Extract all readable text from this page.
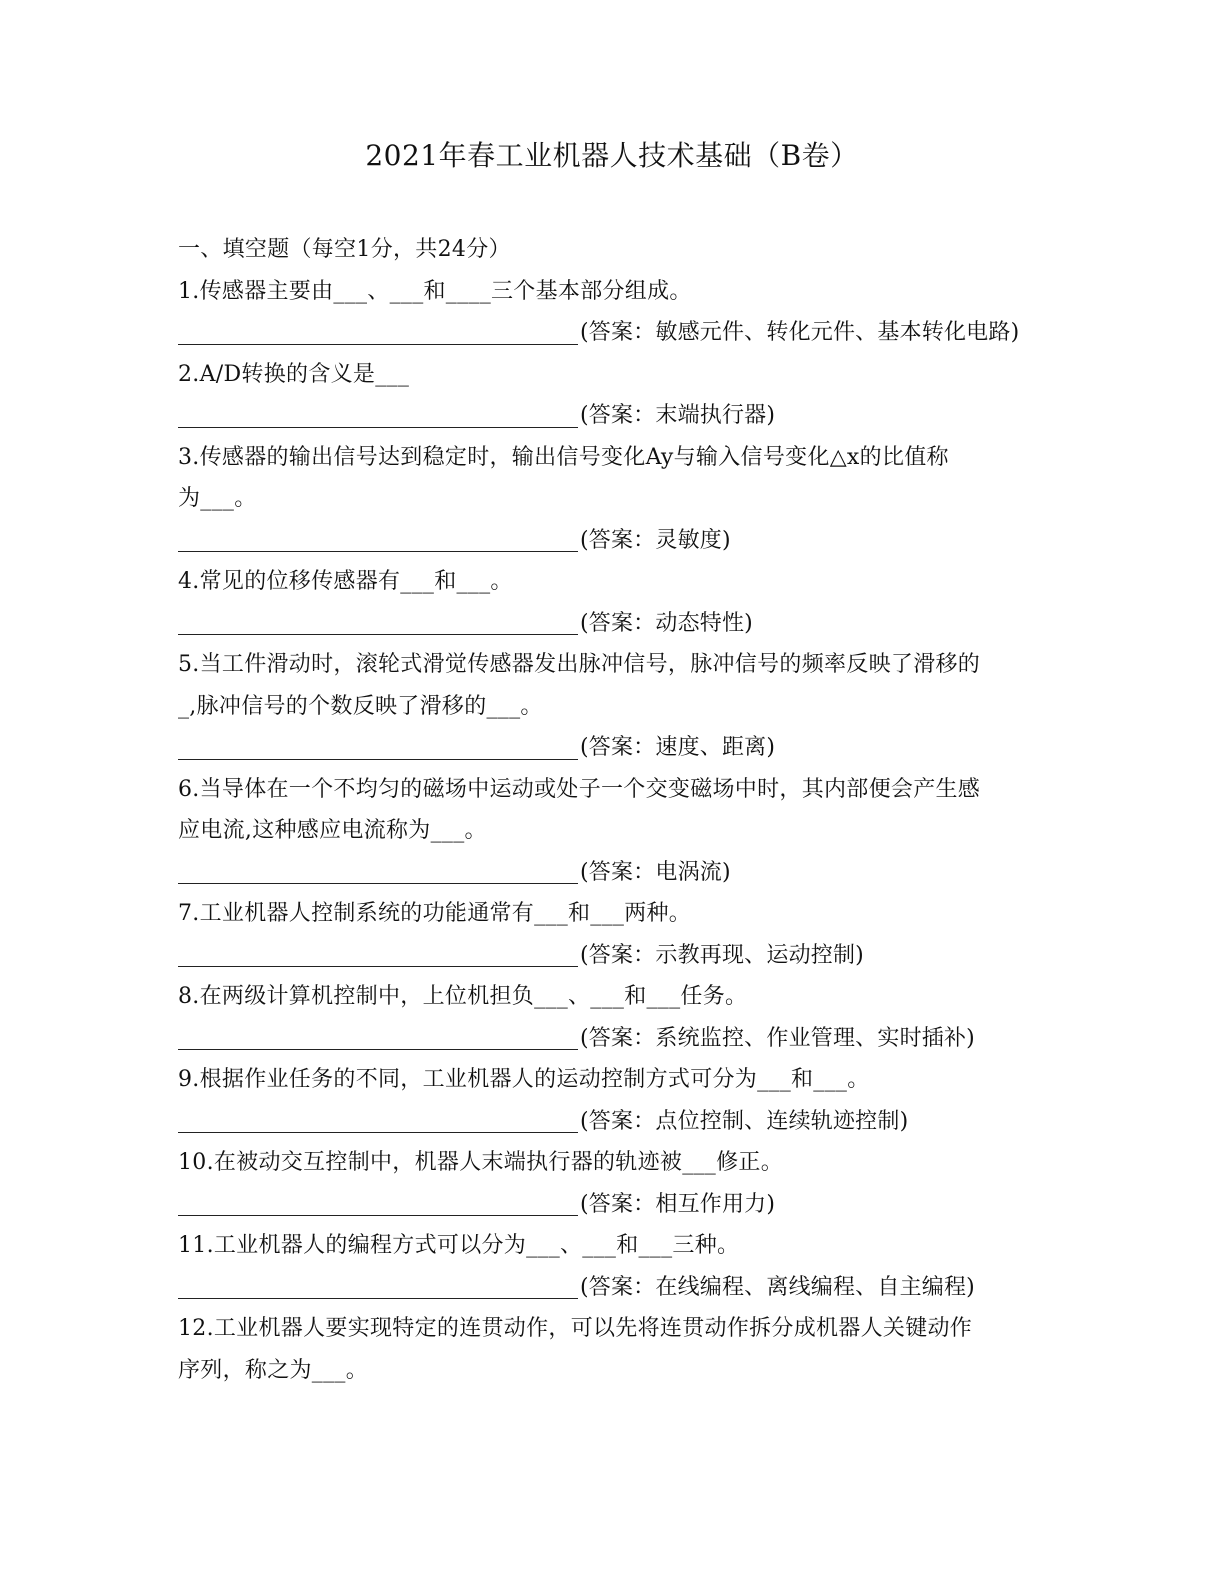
2021年春工业机器人技术基础（B卷）
一、填空题（每空1分，共24分）
1.传感器主要由___、___和____三个基本部分组成。
(答案：敏感元件、转化元件、基本转化电路)
2.A/D转换的含义是___
(答案：末端执行器)
3.传感器的输出信号达到稳定时，输出信号变化Ay与输入信号变化△x的比值称
为___。
(答案：灵敏度)
4.常见的位移传感器有___和___。
(答案：动态特性)
5.当工件滑动时，滚轮式滑觉传感器发出脉冲信号，脉冲信号的频率反映了滑移的
_,脉冲信号的个数反映了滑移的___。
(答案：速度、距离)
6.当导体在一个不均匀的磁场中运动或处子一个交变磁场中时，其内部便会产生感
应电流,这种感应电流称为___。
(答案：电涡流)
7.工业机器人控制系统的功能通常有___和___两种。
(答案：示教再现、运动控制)
8.在两级计算机控制中，上位机担负___、___和___任务。
(答案：系统监控、作业管理、实时插补)
9.根据作业任务的不同，工业机器人的运动控制方式可分为___和___。
(答案：点位控制、连续轨迹控制)
10.在被动交互控制中，机器人末端执行器的轨迹被___修正。
(答案：相互作用力)
11.工业机器人的编程方式可以分为___、___和___三种。
(答案：在线编程、离线编程、自主编程)
12.工业机器人要实现特定的连贯动作，可以先将连贯动作拆分成机器人关键动作
序列，称之为___。
